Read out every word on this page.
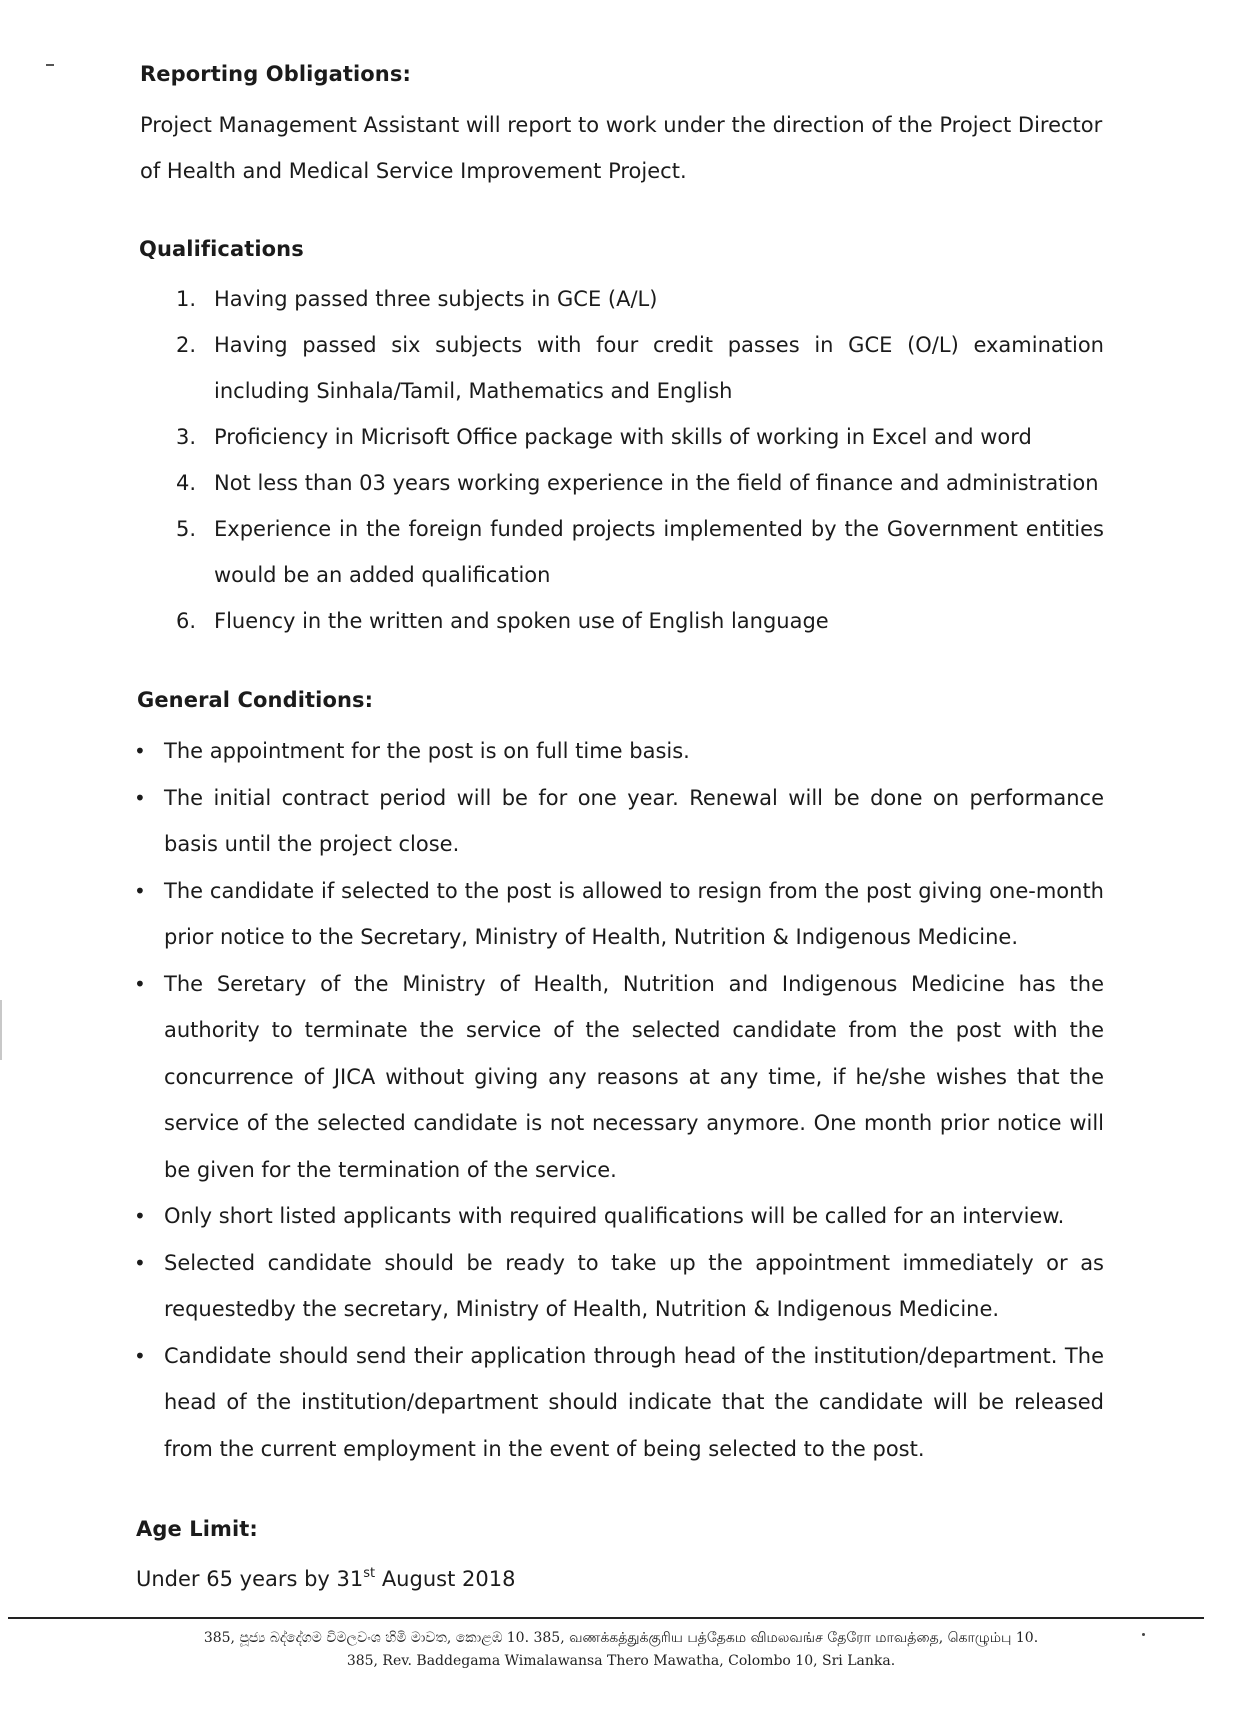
Reporting Obligations:
Project Management Assistant will report to work under the direction of the Project Director
of Health and Medical Service Improvement Project.
Qualifications
1. Having passed three subjects in GCE (A/L)
2. Having passed six subjects with four credit passes in GCE (O/L) examination including Sinhala/Tamil, Mathematics and English
3. Proficiency in Micrisoft Office package with skills of working in Excel and word
4. Not less than 03 years working experience in the field of finance and administration
5. Experience in the foreign funded projects implemented by the Government entities would be an added qualification
6. Fluency in the written and spoken use of English language
General Conditions:
• The appointment for the post is on full time basis.
• The initial contract period will be for one year. Renewal will be done on performance basis until the project close.
• The candidate if selected to the post is allowed to resign from the post giving one-month prior notice to the Secretary, Ministry of Health, Nutrition & Indigenous Medicine.
• The Seretary of the Ministry of Health, Nutrition and Indigenous Medicine has the authority to terminate the service of the selected candidate from the post with the concurrence of JICA without giving any reasons at any time, if he/she wishes that the service of the selected candidate is not necessary anymore. One month prior notice will be given for the termination of the service.
• Only short listed applicants with required qualifications will be called for an interview.
• Selected candidate should be ready to take up the appointment immediately or as requestedby the secretary, Ministry of Health, Nutrition & Indigenous Medicine.
• Candidate should send their application through head of the institution/department. The head of the institution/department should indicate that the candidate will be released from the current employment in the event of being selected to the post.
Age Limit:
Under 65 years by 31st August 2018
385, පූජ්‍ය බද්දේගම විමලවංශ හිමි මාවත, කොළඹ 10. 385, வணக்கத்துக்குரிய பத்தேகம விமலவங்ச தேரோ மாவத்தை, கொழும்பு 10.
385, Rev. Baddegama Wimalawansa Thero Mawatha, Colombo 10, Sri Lanka.
